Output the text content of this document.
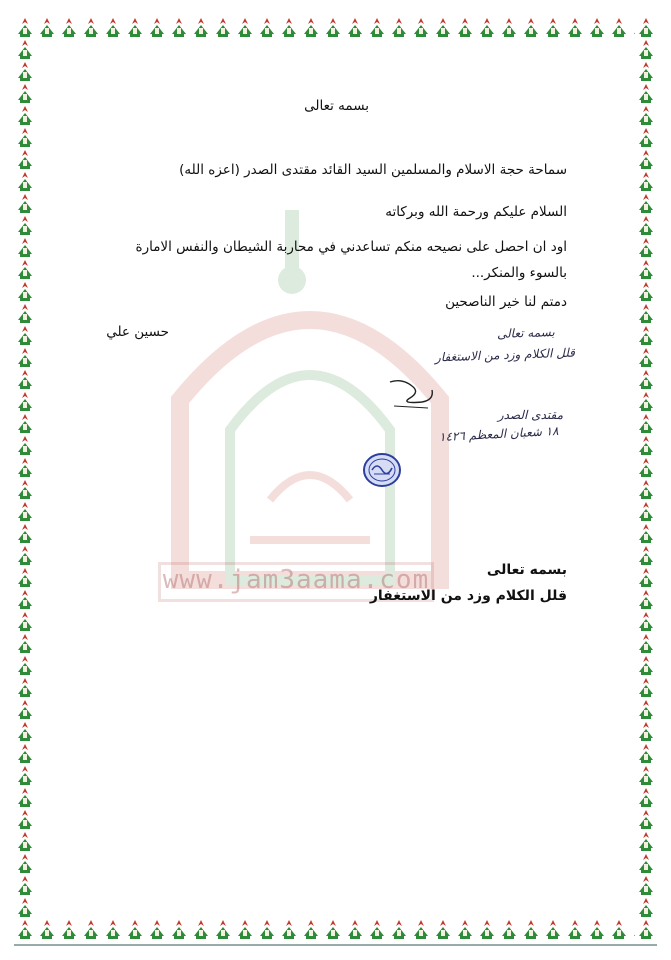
www.jam3aama.com
بسمه تعالى
سماحة حجة الاسلام والمسلمين السيد القائد مقتدى الصدر (اعزه الله)
السلام عليكم ورحمة الله وبركاته
اود ان احصل على نصيحه منكم تساعدني في محاربة الشيطان والنفس الامارة بالسوء والمنكر...
دمتم لنا خير الناصحين
حسين علي	بسمه تعالى
قلل الكلام وزد من الاستغفار
مقتدى الصدر
١٨ شعبان المعظم ١٤٢٦
بسمه تعالى
قلل الكلام وزد من الاستغفار
